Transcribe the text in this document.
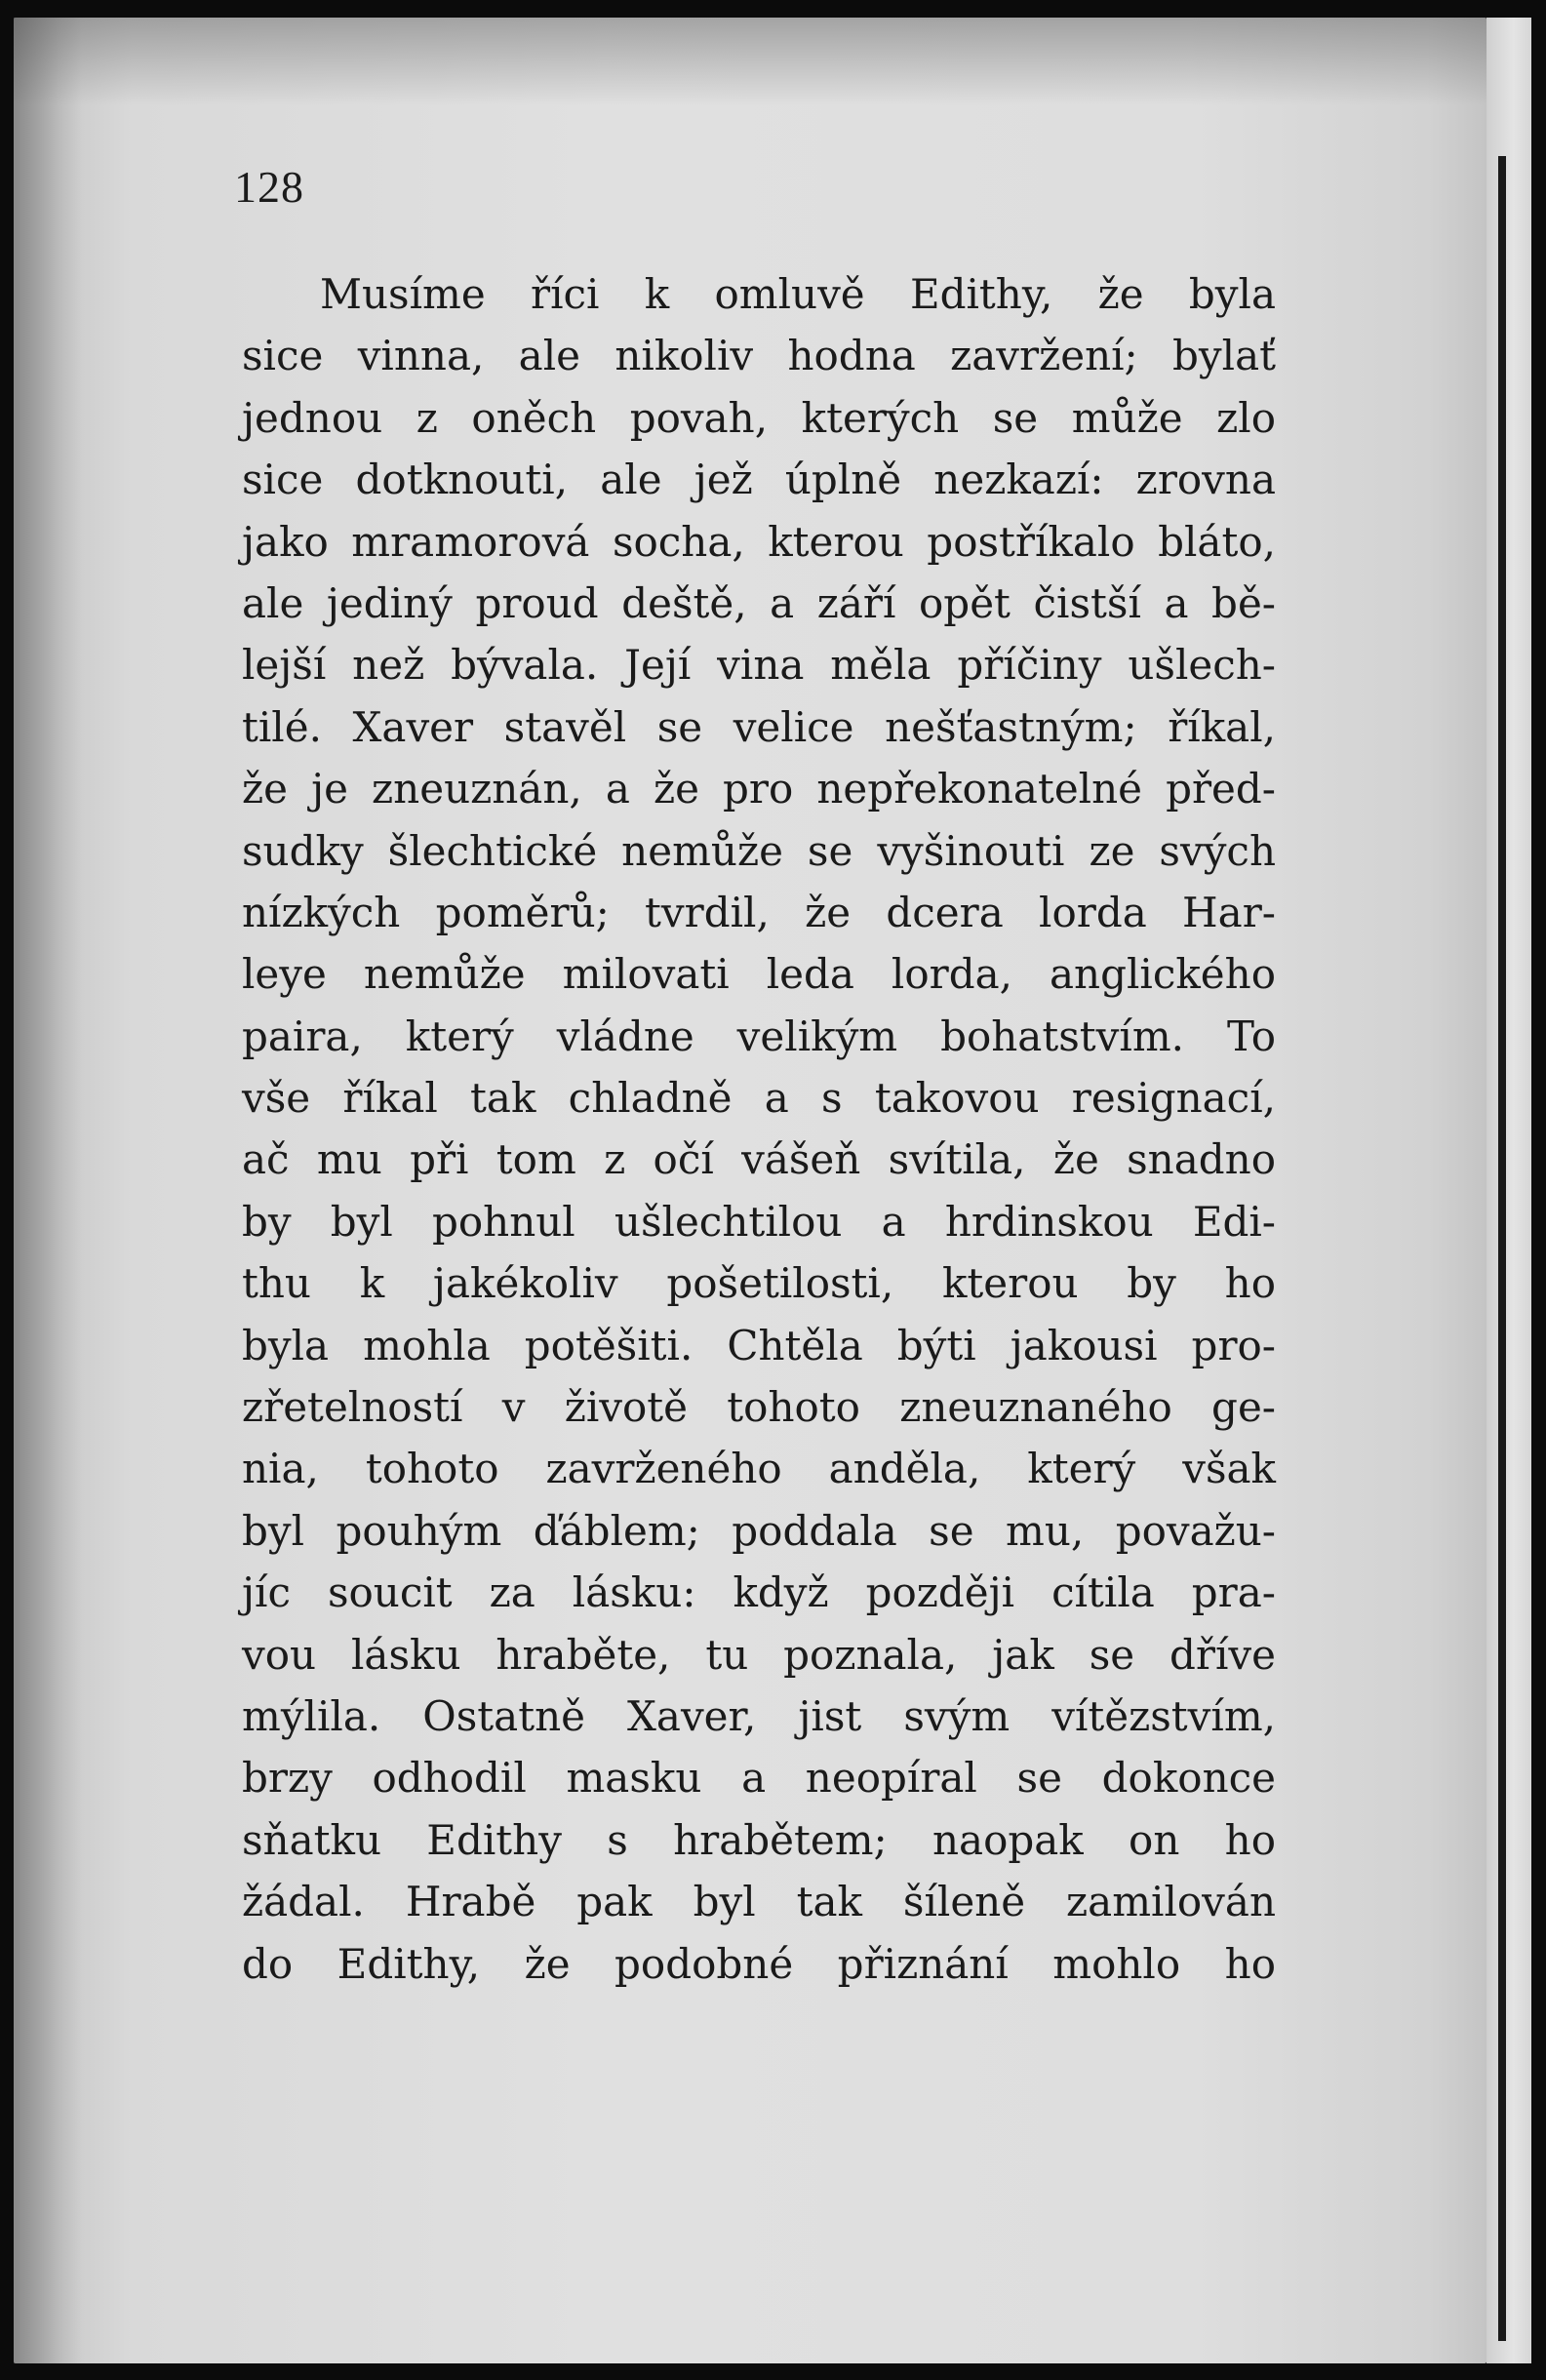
128
Musíme říci k omluvě Edithy, že byla
sice vinna, ale nikoliv hodna zavržení; bylať
jednou z oněch povah, kterých se může zlo
sice dotknouti, ale jež úplně nezkazí: zrovna
jako mramorová socha, kterou postříkalo bláto,
ale jediný proud deště, a září opět čistší a bě-
lejší než bývala. Její vina měla příčiny ušlech-
tilé. Xaver stavěl se velice nešťastným; říkal,
že je zneuznán, a že pro nepřekonatelné před-
sudky šlechtické nemůže se vyšinouti ze svých
nízkých poměrů; tvrdil, že dcera lorda Har-
leye nemůže milovati leda lorda, anglického
paira, který vládne velikým bohatstvím. To
vše říkal tak chladně a s takovou resignací,
ač mu při tom z očí vášeň svítila, že snadno
by byl pohnul ušlechtilou a hrdinskou Edi-
thu k jakékoliv pošetilosti, kterou by ho
byla mohla potěšiti. Chtěla býti jakousi pro-
zřetelností v životě tohoto zneuznaného ge-
nia, tohoto zavrženého anděla, který však
byl pouhým ďáblem; poddala se mu, považu-
jíc soucit za lásku: když později cítila pra-
vou lásku hraběte, tu poznala, jak se dříve
mýlila. Ostatně Xaver, jist svým vítězstvím,
brzy odhodil masku a neopíral se dokonce
sňatku Edithy s hrabětem; naopak on ho
žádal. Hrabě pak byl tak šíleně zamilován
do Edithy, že podobné přiznání mohlo ho
